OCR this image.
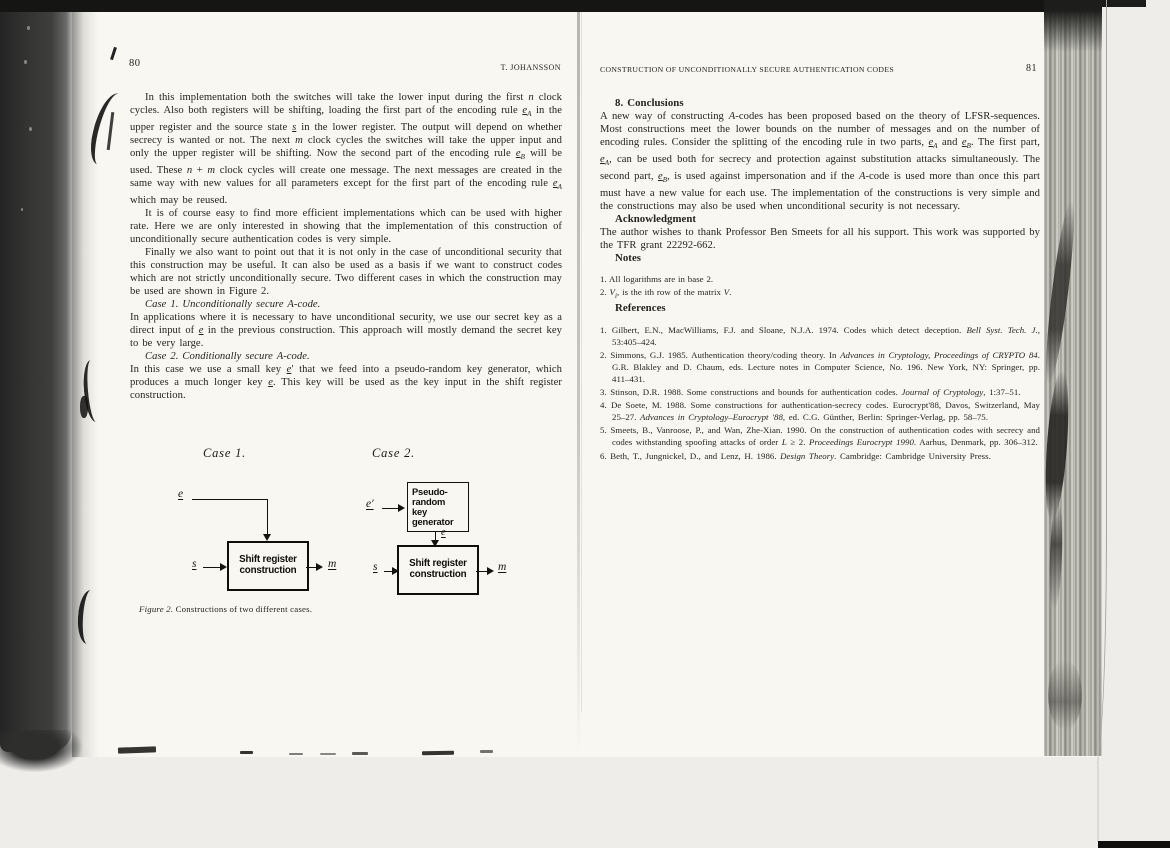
80	T. JOHANSSON

In this implementation both the switches will take the lower input during the first n clock cycles. Also both registers will be shifting, loading the first part of the encoding rule $e_A$ in the upper register and the source state s in the lower register. The output will depend on whether secrecy is wanted or not. The next m clock cycles the switches will take the upper input and only the upper register will be shifting. Now the second part of the encoding rule $e_B$ will be used. These n + m clock cycles will create one message. The next messages are created in the same way with new values for all parameters except for the first part of the encoding rule $e_A$ which may be reused.

It is of course easy to find more efficient implementations which can be used with higher rate. Here we are only interested in showing that the implementation of this construction of unconditionally secure authentication codes is very simple.

Finally we also want to point out that it is not only in the case of unconditional security that this construction may be useful. It can also be used as a basis if we want to construct codes which are not strictly unconditionally secure. Two different cases in which the construction may be used are shown in Figure 2.

Case 1. Unconditionally secure A-code.

In applications where it is necessary to have unconditional security, we use our secret key as a direct input of e in the previous construction. This approach will mostly demand the secret key to be very large.

Case 2. Conditionally secure A-code.

In this case we use a small key e′ that we feed into a pseudo-random key generator, which produces a much longer key e. This key will be used as the key input in the shift register construction.

Case 1.	Case 2.
e
Shift register
construction
s	m
e′
Pseudo-
random
key
generator
e
Shift register
construction
s	m
Figure 2. Constructions of two different cases.
CONSTRUCTION OF UNCONDITIONALLY SECURE AUTHENTICATION CODES	81

8. Conclusions

A new way of constructing A-codes has been proposed based on the theory of LFSR-sequences. Most constructions meet the lower bounds on the number of messages and on the number of encoding rules. Consider the splitting of the encoding rule in two parts, $e_A$ and $e_B$. The first part, $e_A$, can be used both for secrecy and protection against substitution attacks simultaneously. The second part, $e_B$, is used against impersonation and if the A-code is used more than once this part must have a new value for each use. The implementation of the constructions is very simple and the constructions may also be used when unconditional security is not necessary.

Acknowledgment

The author wishes to thank Professor Ben Smeets for all his support. This work was supported by the TFR grant 22292-662.

Notes

1. All logarithms are in base 2.
2. $V_i$, is the ith row of the matrix V.

References

1. Gilbert, E.N., MacWilliams, F.J. and Sloane, N.J.A. 1974. Codes which detect deception. Bell Syst. Tech. J., 53:405–424.
2. Simmons, G.J. 1985. Authentication theory/coding theory. In Advances in Cryptology, Proceedings of CRYPTO 84. G.R. Blakley and D. Chaum, eds. Lecture notes in Computer Science, No. 196. New York, NY: Springer, pp. 411–431.
3. Stinson, D.R. 1988. Some constructions and bounds for authentication codes. Journal of Cryptology, 1:37–51.
4. De Soete, M. 1988. Some constructions for authentication-secrecy codes. Eurocrypt'88, Davos, Switzerland, May 25–27. Advances in Cryptology–Eurocrypt '88, ed. C.G. Günther, Berlin: Springer-Verlag, pp. 58–75.
5. Smeets, B., Vanroose, P., and Wan, Zhe-Xian. 1990. On the construction of authentication codes with secrecy and codes withstanding spoofing attacks of order L ≥ 2. Proceedings Eurocrypt 1990. Aarhus, Denmark, pp. 306–312.
6. Beth, T., Jungnickel, D., and Lenz, H. 1986. Design Theory. Cambridge: Cambridge University Press.
